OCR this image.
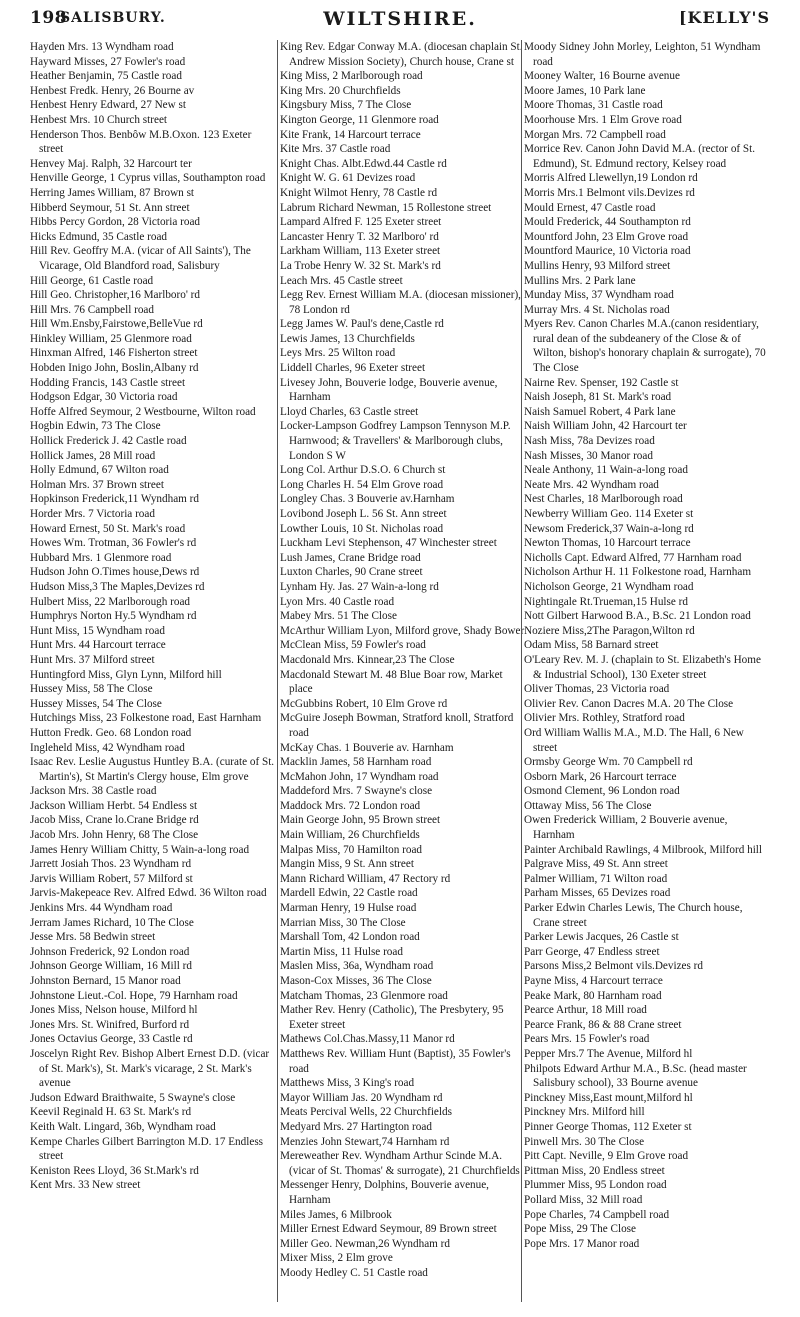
198
SALISBURY.	WILTSHIRE.	[KELLY'S

Hayden Mrs. 13 Wyndham road

Hayward Misses, 27 Fowler's road

Heather Benjamin, 75 Castle road

Henbest Fredk. Henry, 26 Bourne av

Henbest Henry Edward, 27 New st

Henbest Mrs. 10 Church street

Henderson Thos. Benbôw M.B.Oxon. 123 Exeter street

Henvey Maj. Ralph, 32 Harcourt ter

Henville George, 1 Cyprus villas, Southampton road

Herring James William, 87 Brown st

Hibberd Seymour, 51 St. Ann street

Hibbs Percy Gordon, 28 Victoria road

Hicks Edmund, 35 Castle road

Hill Rev. Geoffry M.A. (vicar of All Saints'), The Vicarage, Old Blandford road, Salisbury

Hill George, 61 Castle road

Hill Geo. Christopher,16 Marlboro' rd

Hill Mrs. 76 Campbell road

Hill Wm.Ensby,Fairstowe,BelleVue rd

Hinkley William, 25 Glenmore road

Hinxman Alfred, 146 Fisherton street

Hobden Inigo John, Boslin,Albany rd

Hodding Francis, 143 Castle street

Hodgson Edgar, 30 Victoria road

Hoffe Alfred Seymour, 2 Westbourne, Wilton road

Hogbin Edwin, 73 The Close

Hollick Frederick J. 42 Castle road

Hollick James, 28 Mill road

Holly Edmund, 67 Wilton road

Holman Mrs. 37 Brown street

Hopkinson Frederick,11 Wyndham rd

Horder Mrs. 7 Victoria road

Howard Ernest, 50 St. Mark's road

Howes Wm. Trotman, 36 Fowler's rd

Hubbard Mrs. 1 Glenmore road

Hudson John O.Times house,Dews rd

Hudson Miss,3 The Maples,Devizes rd

Hulbert Miss, 22 Marlborough road

Humphrys Norton Hy.5 Wyndham rd

Hunt Miss, 15 Wyndham road

Hunt Mrs. 44 Harcourt terrace

Hunt Mrs. 37 Milford street

Huntingford Miss, Glyn Lynn, Milford hill

Hussey Miss, 58 The Close

Hussey Misses, 54 The Close

Hutchings Miss, 23 Folkestone road, East Harnham

Hutton Fredk. Geo. 68 London road

Ingleheld Miss, 42 Wyndham road

Isaac Rev. Leslie Augustus Huntley B.A. (curate of St. Martin's), St Martin's Clergy house, Elm grove

Jackson Mrs. 38 Castle road

Jackson William Herbt. 54 Endless st

Jacob Miss, Crane lo.Crane Bridge rd

Jacob Mrs. John Henry, 68 The Close

James Henry William Chitty, 5 Wain-a-long road

Jarrett Josiah Thos. 23 Wyndham rd

Jarvis William Robert, 57 Milford st

Jarvis-Makepeace Rev. Alfred Edwd. 36 Wilton road

Jenkins Mrs. 44 Wyndham road

Jerram James Richard, 10 The Close

Jesse Mrs. 58 Bedwin street

Johnson Frederick, 92 London road

Johnson George William, 16 Mill rd

Johnston Bernard, 15 Manor road

Johnstone Lieut.-Col. Hope, 79 Harnham road

Jones Miss, Nelson house, Milford hl

Jones Mrs. St. Winifred, Burford rd

Jones Octavius George, 33 Castle rd

Joscelyn Right Rev. Bishop Albert Ernest D.D. (vicar of St. Mark's), St. Mark's vicarage, 2 St. Mark's avenue

Judson Edward Braithwaite, 5 Swayne's close

Keevil Reginald H. 63 St. Mark's rd

Keith Walt. Lingard, 36b, Wyndham road

Kempe Charles Gilbert Barrington M.D. 17 Endless street

Keniston Rees Lloyd, 36 St.Mark's rd

Kent Mrs. 33 New street

King Rev. Edgar Conway M.A. (diocesan chaplain St. Andrew Mission Society), Church house, Crane st

King Miss, 2 Marlborough road

King Mrs. 20 Churchfields

Kingsbury Miss, 7 The Close

Kington George, 11 Glenmore road

Kite Frank, 14 Harcourt terrace

Kite Mrs. 37 Castle road

Knight Chas. Albt.Edwd.44 Castle rd

Knight W. G. 61 Devizes road

Knight Wilmot Henry, 78 Castle rd

Labrum Richard Newman, 15 Rollestone street

Lampard Alfred F. 125 Exeter street

Lancaster Henry T. 32 Marlboro' rd

Larkham William, 113 Exeter street

La Trobe Henry W. 32 St. Mark's rd

Leach Mrs. 45 Castle street

Legg Rev. Ernest William M.A. (diocesan missioner), 78 London rd

Legg James W. Paul's dene,Castle rd

Lewis James, 13 Churchfields

Leys Mrs. 25 Wilton road

Liddell Charles, 96 Exeter street

Livesey John, Bouverie lodge, Bouverie avenue, Harnham

Lloyd Charles, 63 Castle street

Locker-Lampson Godfrey Lampson Tennyson M.P. Harnwood; & Travellers' & Marlborough clubs, London S W

Long Col. Arthur D.S.O. 6 Church st

Long Charles H. 54 Elm Grove road

Longley Chas. 3 Bouverie av.Harnham

Lovibond Joseph L. 56 St. Ann street

Lowther Louis, 10 St. Nicholas road

Luckham Levi Stephenson, 47 Winchester street

Lush James, Crane Bridge road

Luxton Charles, 90 Crane street

Lynham Hy. Jas. 27 Wain-a-long rd

Lyon Mrs. 40 Castle road

Mabey Mrs. 51 The Close

McArthur William Lyon, Milford grove, Shady Bower

McClean Miss, 59 Fowler's road

Macdonald Mrs. Kinnear,23 The Close

Macdonald Stewart M. 48 Blue Boar row, Market place

McGubbins Robert, 10 Elm Grove rd

McGuire Joseph Bowman, Stratford knoll, Stratford road

McKay Chas. 1 Bouverie av. Harnham

Macklin James, 58 Harnham road

McMahon John, 17 Wyndham road

Maddeford Mrs. 7 Swayne's close

Maddock Mrs. 72 London road

Main George John, 95 Brown street

Main William, 26 Churchfields

Malpas Miss, 70 Hamilton road

Mangin Miss, 9 St. Ann street

Mann Richard William, 47 Rectory rd

Mardell Edwin, 22 Castle road

Marman Henry, 19 Hulse road

Marrian Miss, 30 The Close

Marshall Tom, 42 London road

Martin Miss, 11 Hulse road

Maslen Miss, 36a, Wyndham road

Mason-Cox Misses, 36 The Close

Matcham Thomas, 23 Glenmore road

Mather Rev. Henry (Catholic), The Presbytery, 95 Exeter street

Mathews Col.Chas.Massy,11 Manor rd

Matthews Rev. William Hunt (Baptist), 35 Fowler's road

Matthews Miss, 3 King's road

Mayor William Jas. 20 Wyndham rd

Meats Percival Wells, 22 Churchfields

Medyard Mrs. 27 Hartington road

Menzies John Stewart,74 Harnham rd

Mereweather Rev. Wyndham Arthur Scinde M.A. (vicar of St. Thomas' & surrogate), 21 Churchfields

Messenger Henry, Dolphins, Bouverie avenue, Harnham

Miles James, 6 Milbrook

Miller Ernest Edward Seymour, 89 Brown street

Miller Geo. Newman,26 Wyndham rd

Mixer Miss, 2 Elm grove

Moody Hedley C. 51 Castle road

Moody Sidney John Morley, Leighton, 51 Wyndham road

Mooney Walter, 16 Bourne avenue

Moore James, 10 Park lane

Moore Thomas, 31 Castle road

Moorhouse Mrs. 1 Elm Grove road

Morgan Mrs. 72 Campbell road

Morrice Rev. Canon John David M.A. (rector of St. Edmund), St. Edmund rectory, Kelsey road

Morris Alfred Llewellyn,19 London rd

Morris Mrs.1 Belmont vils.Devizes rd

Mould Ernest, 47 Castle road

Mould Frederick, 44 Southampton rd

Mountford John, 23 Elm Grove road

Mountford Maurice, 10 Victoria road

Mullins Henry, 93 Milford street

Mullins Mrs. 2 Park lane

Munday Miss, 37 Wyndham road

Murray Mrs. 4 St. Nicholas road

Myers Rev. Canon Charles M.A.(canon residentiary, rural dean of the subdeanery of the Close & of Wilton, bishop's honorary chaplain & surrogate), 70 The Close

Nairne Rev. Spenser, 192 Castle st

Naish Joseph, 81 St. Mark's road

Naish Samuel Robert, 4 Park lane

Naish William John, 42 Harcourt ter

Nash Miss, 78a Devizes road

Nash Misses, 30 Manor road

Neale Anthony, 11 Wain-a-long road

Neate Mrs. 42 Wyndham road

Nest Charles, 18 Marlborough road

Newberry William Geo. 114 Exeter st

Newsom Frederick,37 Wain-a-long rd

Newton Thomas, 10 Harcourt terrace

Nicholls Capt. Edward Alfred, 77 Harnham road

Nicholson Arthur H. 11 Folkestone road, Harnham

Nicholson George, 21 Wyndham road

Nightingale Rt.Trueman,15 Hulse rd

Nott Gilbert Harwood B.A., B.Sc. 21 London road

Noziere Miss,2The Paragon,Wilton rd

Odam Miss, 58 Barnard street

O'Leary Rev. M. J. (chaplain to St. Elizabeth's Home & Industrial School), 130 Exeter street

Oliver Thomas, 23 Victoria road

Olivier Rev. Canon Dacres M.A. 20 The Close

Olivier Mrs. Rothley, Stratford road

Ord William Wallis M.A., M.D. The Hall, 6 New street

Ormsby George Wm. 70 Campbell rd

Osborn Mark, 26 Harcourt terrace

Osmond Clement, 96 London road

Ottaway Miss, 56 The Close

Owen Frederick William, 2 Bouverie avenue, Harnham

Painter Archibald Rawlings, 4 Milbrook, Milford hill

Palgrave Miss, 49 St. Ann street

Palmer William, 71 Wilton road

Parham Misses, 65 Devizes road

Parker Edwin Charles Lewis, The Church house, Crane street

Parker Lewis Jacques, 26 Castle st

Parr George, 47 Endless street

Parsons Miss,2 Belmont vils.Devizes rd

Payne Miss, 4 Harcourt terrace

Peake Mark, 80 Harnham road

Pearce Arthur, 18 Mill road

Pearce Frank, 86 & 88 Crane street

Pears Mrs. 15 Fowler's road

Pepper Mrs.7 The Avenue, Milford hl

Philpots Edward Arthur M.A., B.Sc. (head master Salisbury school), 33 Bourne avenue

Pinckney Miss,East mount,Milford hl

Pinckney Mrs. Milford hill

Pinner George Thomas, 112 Exeter st

Pinwell Mrs. 30 The Close

Pitt Capt. Neville, 9 Elm Grove road

Pittman Miss, 20 Endless street

Plummer Miss, 95 London road

Pollard Miss, 32 Mill road

Pope Charles, 74 Campbell road

Pope Miss, 29 The Close

Pope Mrs. 17 Manor road
